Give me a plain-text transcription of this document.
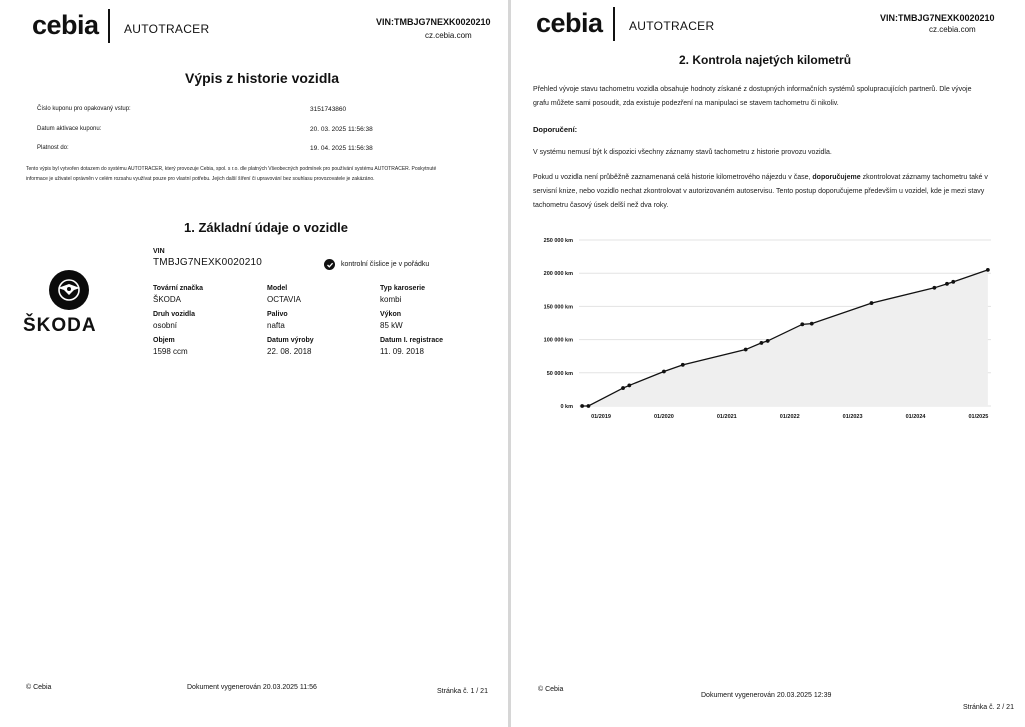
cebia AUTOTRACER	VIN:TMBJG7NEXK0020210
cz.cebia.com
Výpis z historie vozidla
Číslo kuponu pro opakovaný vstup:	3151743860
Datum aktivace kuponu:	20. 03. 2025 11:56:38
Platnost do:	19. 04. 2025 11:56:38
Tento výpis byl vytvořen dotazem do systému AUTOTRACER, který provozuje Cebia, spol. s r.o. dle platných Všeobecných podmínek pro používání systému AUTOTRACER. Poskytnuté informace je uživatel oprávněn v celém rozsahu využívat pouze pro vlastní potřebu. Jejich další šíření či upravování bez souhlasu provozovatele je zakázáno.
1. Základní údaje o vozidle
ŠKODA
VIN
TMBJG7NEXK0020210	kontrolní číslice je v pořádku
Tovární značka
ŠKODA
Model
OCTAVIA
Typ karoserie
kombi
Druh vozidla
osobní
Palivo
nafta
Výkon
85 kW
Objem
1598 ccm
Datum výroby
22. 08. 2018
Datum I. registrace
11. 09. 2018
© Cebia	Dokument vygenerován 20.03.2025 11:56
Stránka č. 1 / 21
cebia AUTOTRACER
VIN:TMBJG7NEXK0020210
cz.cebia.com
2. Kontrola najetých kilometrů
Přehled vývoje stavu tachometru vozidla obsahuje hodnoty získané z dostupných informačních systémů spolupracujících partnerů. Dle vývoje grafu můžete sami posoudit, zda existuje podezření na manipulaci se stavem tachometru či nikoliv.
Doporučení:
V systému nemusí být k dispozici všechny záznamy stavů tachometru z historie provozu vozidla.
Pokud u vozidla není průběžně zaznamenaná celá historie kilometrového nájezdu v čase, doporučujeme zkontrolovat záznamy tachometru také v servisní knize, nebo vozidlo nechat zkontrolovat v autorizovaném autoservisu. Tento postup doporučujeme především u vozidel, kde je mezi stavy tachometru časový úsek delší než dva roky.
0 km
50 000 km
100 000 km
150 000 km
200 000 km
250 000 km
01/2019	01/2020	01/2021	01/2022	01/2023	01/2024	01/2025
© Cebia
Dokument vygenerován 20.03.2025 12:39
Stránka č. 2 / 21
